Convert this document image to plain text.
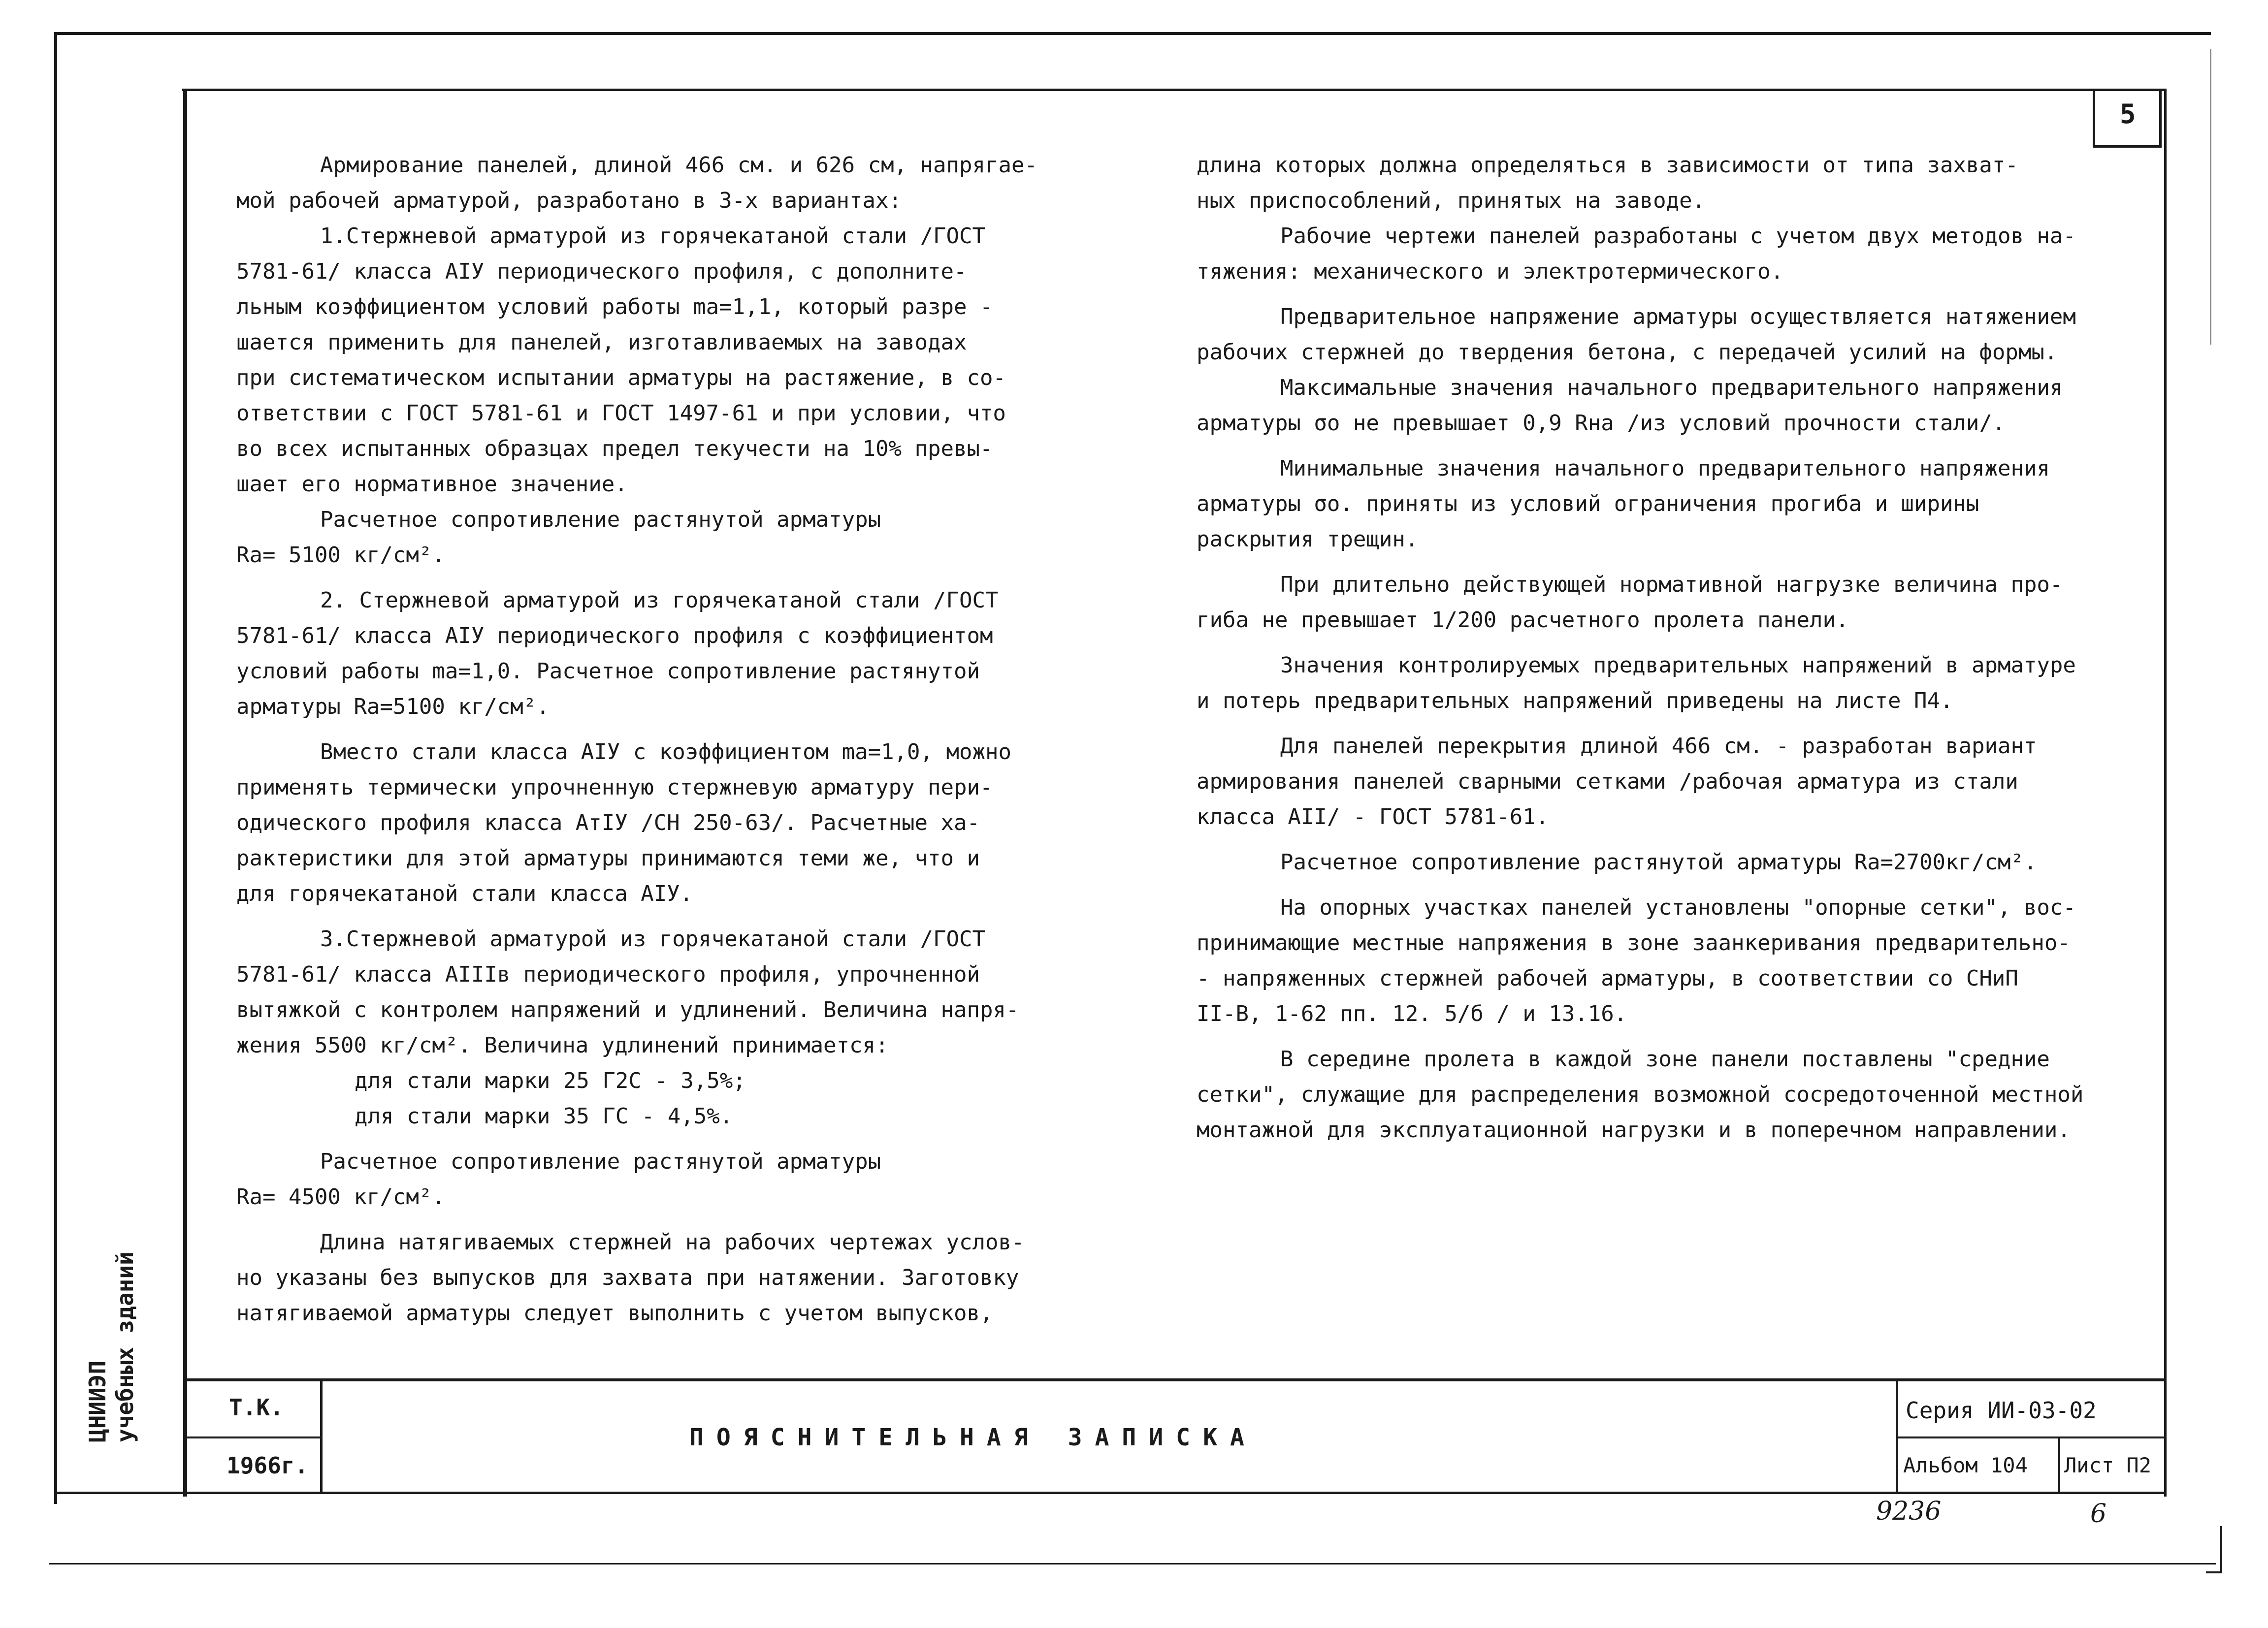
5
ЦНИИЭП учебных зданий

Армирование панелей, длиной 466 см. и 626 см, напрягае-

мой рабочей арматурой, разработано в 3-х вариантах:

1.Стержневой арматурой из горячекатаной стали /ГОСТ

5781-61/ класса АIУ периодического профиля, с дополните-

льным коэффициентом условий работы mа=1,1, который разре -

шается применить для панелей, изготавливаемых на заводах

при систематическом испытании арматуры на растяжение, в со-

ответствии с ГОСТ 5781-61 и ГОСТ 1497-61 и при условии, что

во всех испытанных образцах предел текучести на 10% превы-

шает его нормативное значение.

Расчетное сопротивление растянутой арматуры

Rа= 5100 кг/см².

2. Стержневой арматурой из горячекатаной стали /ГОСТ

5781-61/ класса АIУ периодического профиля с коэффициентом

условий работы mа=1,0. Расчетное сопротивление растянутой

арматуры Rа=5100 кг/см².

Вместо стали класса АIУ с коэффициентом mа=1,0, можно

применять термически упрочненную стержневую арматуру пери-

одического профиля класса АтIУ /СН 250-63/. Расчетные ха-

рактеристики для этой арматуры принимаются теми же, что и

для горячекатаной стали класса АIУ.

3.Стержневой арматурой из горячекатаной стали /ГОСТ

5781-61/ класса АIIIв периодического профиля, упрочненной

вытяжкой с контролем напряжений и удлинений. Величина напря-

жения 5500 кг/см². Величина удлинений принимается:

для стали марки 25 Г2С - 3,5%;

для стали марки 35 ГС - 4,5%.

Расчетное сопротивление растянутой арматуры

Rа= 4500 кг/см².

Длина натягиваемых стержней на рабочих чертежах услов-

но указаны без выпусков для захвата при натяжении. Заготовку

натягиваемой арматуры следует выполнить с учетом выпусков,

длина которых должна определяться в зависимости от типа захват-

ных приспособлений, принятых на заводе.

Рабочие чертежи панелей разработаны с учетом двух методов на-

тяжения: механического и электротермического.

Предварительное напряжение арматуры осуществляется натяжением

рабочих стержней до твердения бетона, с передачей усилий на формы.

Максимальные значения начального предварительного напряжения

арматуры σо не превышает 0,9 Rна /из условий прочности стали/.

Минимальные значения начального предварительного напряжения

арматуры σо. приняты из условий ограничения прогиба и ширины

раскрытия трещин.

При длительно действующей нормативной нагрузке величина про-

гиба не превышает 1/200 расчетного пролета панели.

Значения контролируемых предварительных напряжений в арматуре

и потерь предварительных напряжений приведены на листе П4.

Для панелей перекрытия длиной 466 см. - разработан вариант

армирования панелей сварными сетками /рабочая арматура из стали

класса АII/ - ГОСТ 5781-61.

Расчетное сопротивление растянутой арматуры Rа=2700кг/см².

На опорных участках панелей установлены "опорные сетки", вос-

принимающие местные напряжения в зоне заанкеривания предварительно-

- напряженных стержней рабочей арматуры, в соответствии со СНиП

II-В, 1-62 пп. 12. 5/б / и 13.16.

В середине пролета в каждой зоне панели поставлены "средние

сетки", служащие для распределения возможной сосредоточенной местной

монтажной для эксплуатационной нагрузки и в поперечном направлении.

Т.К.
1966г.
ПОЯСНИТЕЛЬНАЯ ЗАПИСКА
Серия ИИ-03-02
Альбом 104 Лист П2
9236	6
